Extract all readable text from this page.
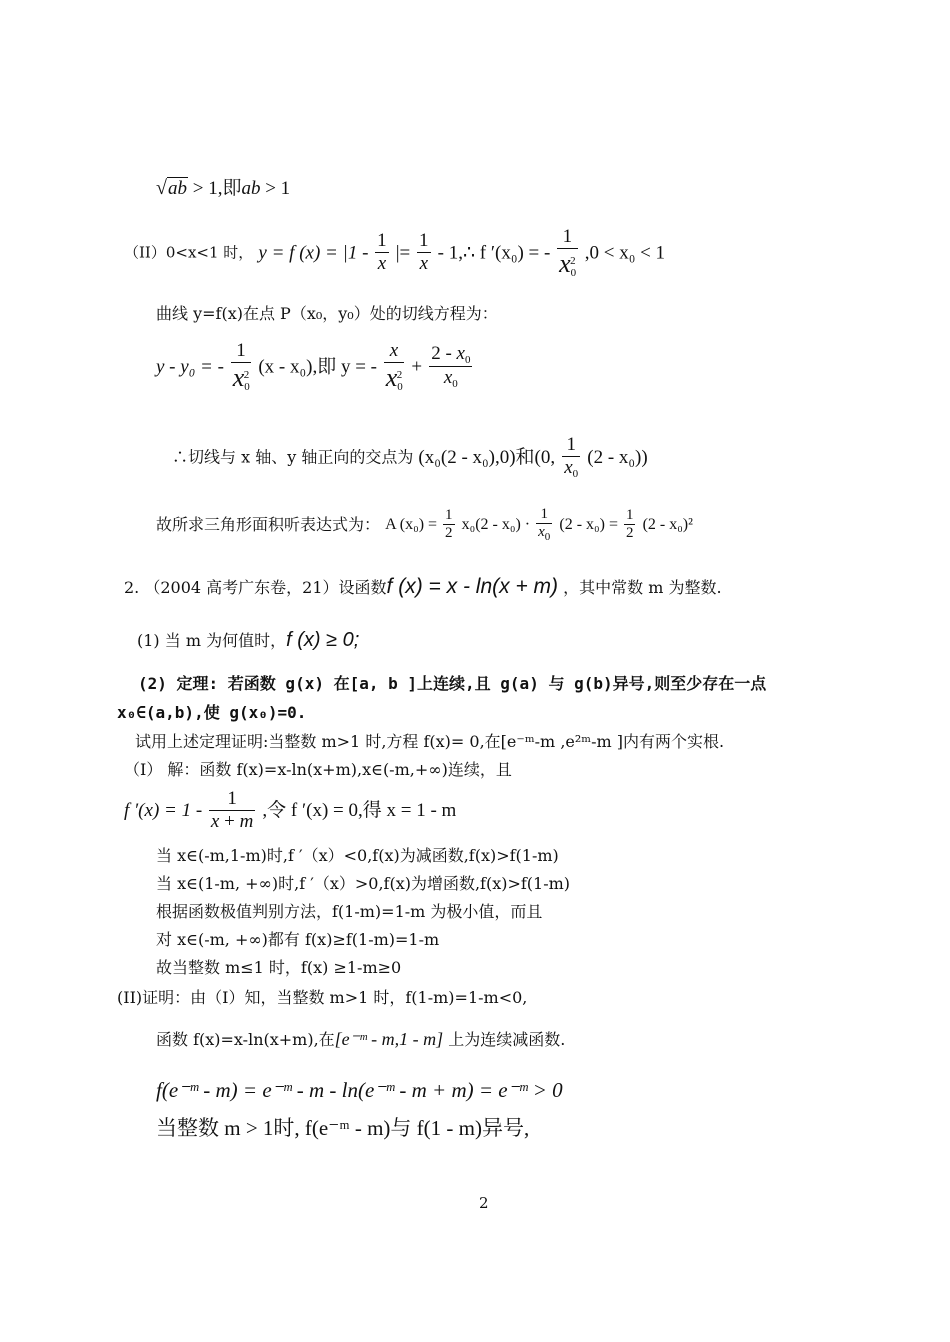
√ab > 1,即ab > 1
（II）0<x<1 时， y = f $(x) = |1 - \frac{1}{x}$ |= $\frac{1}{x}$ - 1,∴ f ′(x₀) = - $\frac{1}{x_0^2} ,0 < x_0 < 1$
曲线 y=f(x)在点 P（x₀，y₀）处的切线方程为：
y - y₀ = - $\frac{1}{x_0^2} (x - x_0)$,即 y = - $\frac{x}{x_0^2} + \frac{2 - x_0}{x_0}$
∴切线与 x 轴、y 轴正向的交点为 (x₀(2 - x₀),0)和(0, $\frac{1}{x_0} (2 - x_0)$)
故所求三角形面积听表达式为： A $(x_0) = \frac{1}{2} x_0(2 - x_0) \cdot \frac{1}{x_0} (2 - x_0) = \frac{1}{2} (2 - x_0)^2$
2. （2004 高考广东卷，21）设函数f (x) = x - ln(x + m) ，其中常数 m 为整数.
(1) 当 m 为何值时，f (x) ≥ 0;
(2) 定理: 若函数 g(x) 在[a, b ]上连续,且 g(a) 与 g(b)异号,则至少存在一点
x₀∈(a,b),使 g(x₀)=0.
试用上述定理证明:当整数 m>1 时,方程 f(x)= 0,在[e⁻ᵐ-m ,e²ᵐ-m ]内有两个实根.
（I） 解：函数 f(x)=x-ln(x+m),x∈(-m,+∞)连续，且
f $'(x) = 1 - \frac{1}{x + m}$ ,令 f ′(x) = 0,得 x = 1 - m
当 x∈(-m,1-m)时,f ′（x）<0,f(x)为减函数,f(x)>f(1-m)
当 x∈(1-m, +∞)时,f ′（x）>0,f(x)为增函数,f(x)>f(1-m)
根据函数极值判别方法，f(1-m)=1-m 为极小值，而且
对 x∈(-m, +∞)都有 f(x)≥f(1-m)=1-m
故当整数 m≤1 时，f(x) ≥1-m≥0
(II)证明：由（I）知，当整数 m>1 时，f(1-m)=1-m<0,
函数 f(x)=x-ln(x+m),在[e⁻ᵐ - m,1 - m] 上为连续减函数.
f(e⁻ᵐ - m) = e⁻ᵐ - m - ln(e⁻ᵐ - m + m) = e⁻ᵐ > 0
当整数 m > 1时, f(e⁻ᵐ - m)与 f(1 - m)异号,
2
